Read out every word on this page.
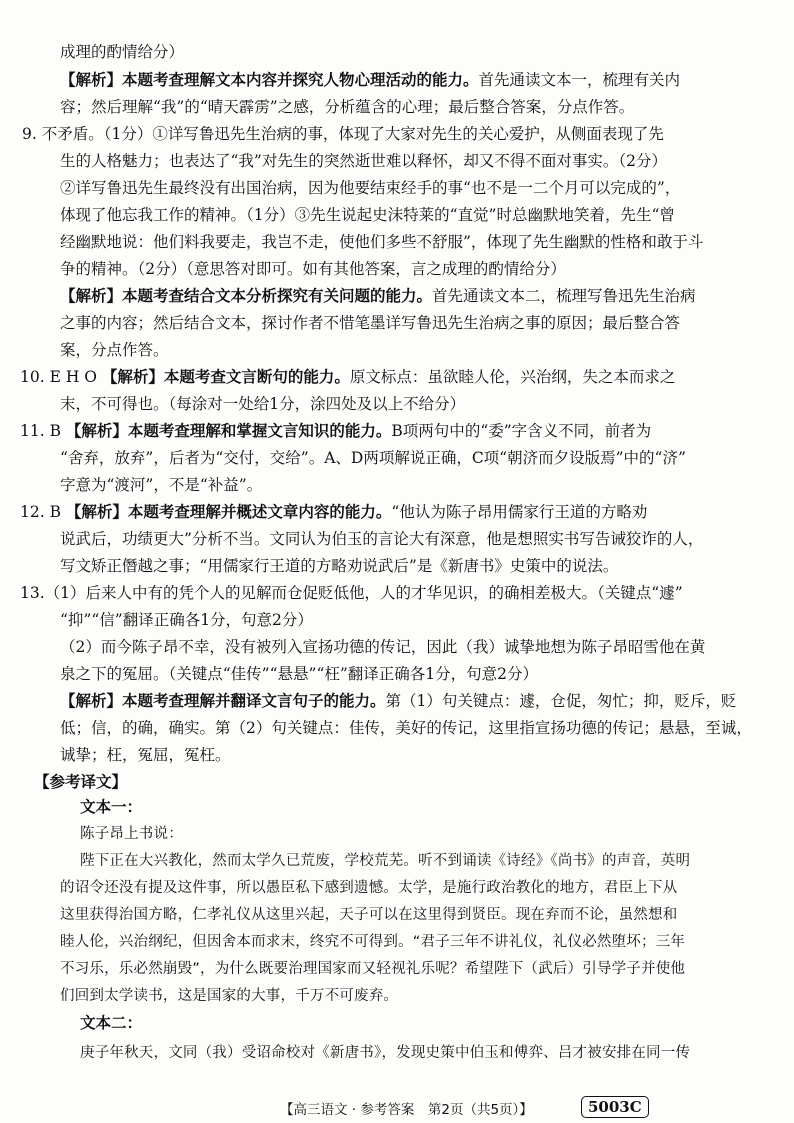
成理的酌情给分）
【解析】本题考查理解文本内容并探究人物心理活动的能力。首先通读文本一，梳理有关内
容；然后理解“我”的“晴天霹雳”之感，分析蕴含的心理；最后整合答案，分点作答。
9. 不矛盾。（1分）①详写鲁迅先生治病的事，体现了大家对先生的关心爱护，从侧面表现了先
生的人格魅力；也表达了“我”对先生的突然逝世难以释怀，却又不得不面对事实。（2分）
②详写鲁迅先生最终没有出国治病，因为他要结束经手的事“也不是一二个月可以完成的”，
体现了他忘我工作的精神。（1分）③先生说起史沫特莱的“直觉”时总幽默地笑着，先生“曾
经幽默地说：他们料我要走，我岂不走，使他们多些不舒服”，体现了先生幽默的性格和敢于斗
争的精神。（2分）（意思答对即可。如有其他答案，言之成理的酌情给分）
【解析】本题考查结合文本分析探究有关问题的能力。首先通读文本二，梳理写鲁迅先生治病
之事的内容；然后结合文本，探讨作者不惜笔墨详写鲁迅先生治病之事的原因；最后整合答
案，分点作答。
10. E H O 【解析】本题考查文言断句的能力。原文标点：虽欲睦人伦，兴治纲，失之本而求之
末，不可得也。（每涂对一处给1分，涂四处及以上不给分）
11. B 【解析】本题考查理解和掌握文言知识的能力。B项两句中的“委”字含义不同，前者为
“舍弃，放弃”，后者为“交付，交给”。A、D两项解说正确，C项“朝济而夕设版焉”中的“济”
字意为“渡河”，不是“补益”。
12. B 【解析】本题考查理解并概述文章内容的能力。“他认为陈子昂用儒家行王道的方略劝
说武后，功绩更大”分析不当。文同认为伯玉的言论大有深意，他是想照实书写告诫狡诈的人，
写文矫正僭越之事；“用儒家行王道的方略劝说武后”是《新唐书》史策中的说法。
13.（1）后来人中有的凭个人的见解而仓促贬低他，人的才华见识，的确相差极大。（关键点“遽”
“抑”“信”翻译正确各1分，句意2分）
（2）而今陈子昂不幸，没有被列入宣扬功德的传记，因此（我）诚挚地想为陈子昂昭雪他在黄
泉之下的冤屈。（关键点“佳传”“悬悬”“枉”翻译正确各1分，句意2分）
【解析】本题考查理解并翻译文言句子的能力。第（1）句关键点：遽，仓促，匆忙；抑，贬斥，贬
低；信，的确，确实。第（2）句关键点：佳传，美好的传记，这里指宣扬功德的传记；悬悬，至诚，
诚挚；枉，冤屈，冤枉。
【参考译文】
文本一：
陈子昂上书说：
陛下正在大兴教化，然而太学久已荒废，学校荒芜。听不到诵读《诗经》《尚书》的声音，英明
的诏令还没有提及这件事，所以愚臣私下感到遗憾。太学，是施行政治教化的地方，君臣上下从
这里获得治国方略，仁孝礼仪从这里兴起，天子可以在这里得到贤臣。现在弃而不论，虽然想和
睦人伦，兴治纲纪，但因舍本而求末，终究不可得到。“君子三年不讲礼仪，礼仪必然堕坏；三年
不习乐，乐必然崩毁”，为什么既要治理国家而又轻视礼乐呢？希望陛下（武后）引导学子并使他
们回到太学读书，这是国家的大事，千万不可废弃。
文本二：
庚子年秋天，文同（我）受诏命校对《新唐书》，发现史策中伯玉和傅弈、吕才被安排在同一传
【高三语文 · 参考答案　第2页（共5页）】	5003C
